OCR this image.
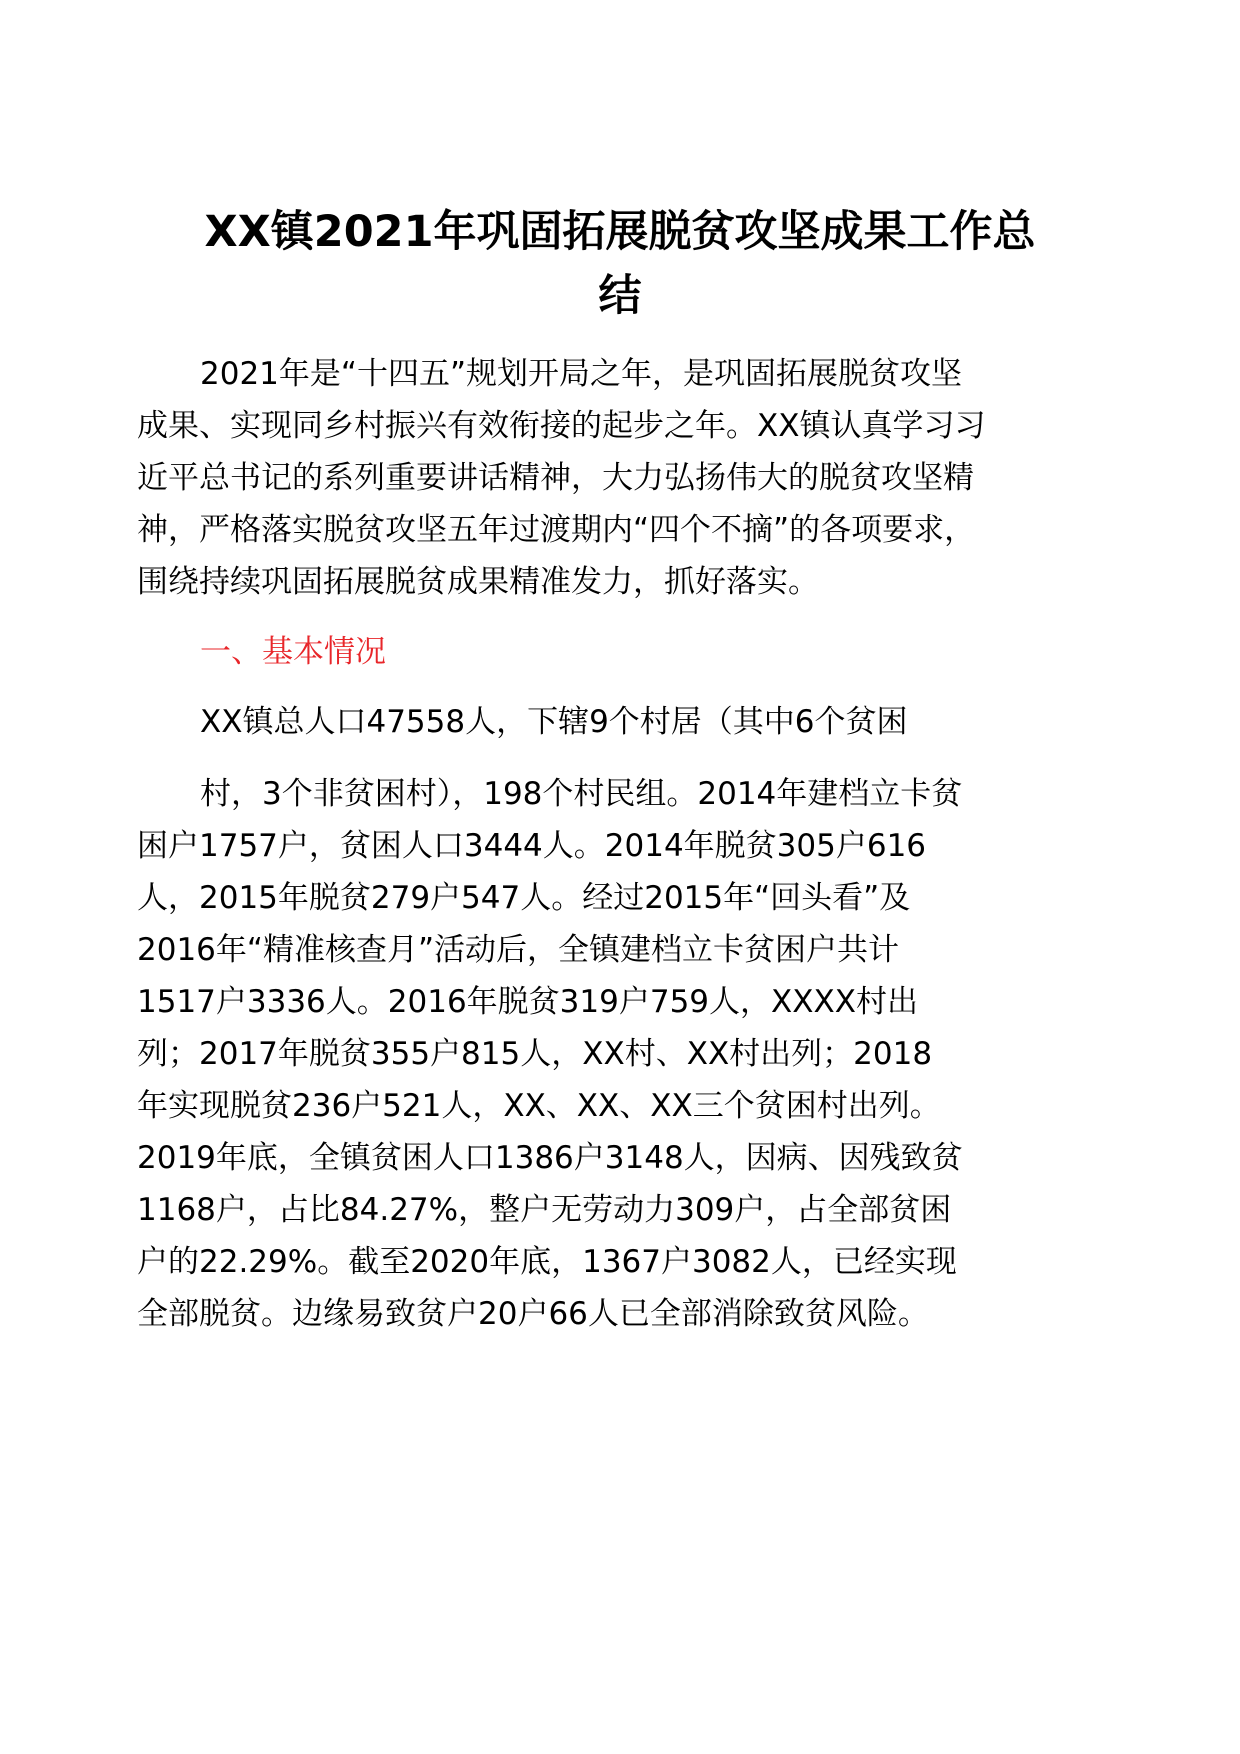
XX镇2021年巩固拓展脱贫攻坚成果工作总
结

2021年是“十四五”规划开局之年，是巩固拓展脱贫攻坚

成果、实现同乡村振兴有效衔接的起步之年。XX镇认真学习习

近平总书记的系列重要讲话精神，大力弘扬伟大的脱贫攻坚精

神，严格落实脱贫攻坚五年过渡期内“四个不摘”的各项要求，

围绕持续巩固拓展脱贫成果精准发力，抓好落实。

一、基本情况

XX镇总人口47558人，下辖9个村居（其中6个贫困

村，3个非贫困村），198个村民组。2014年建档立卡贫

困户1757户，贫困人口3444人。2014年脱贫305户616

人，2015年脱贫279户547人。经过2015年“回头看”及

2016年“精准核查月”活动后，全镇建档立卡贫困户共计

1517户3336人。2016年脱贫319户759人，XXXX村出

列；2017年脱贫355户815人，XX村、XX村出列；2018

年实现脱贫236户521人，XX、XX、XX三个贫困村出列。

2019年底，全镇贫困人口1386户3148人，因病、因残致贫

1168户，占比84.27%，整户无劳动力309户，占全部贫困

户的22.29%。截至2020年底，1367户3082人，已经实现

全部脱贫。边缘易致贫户20户66人已全部消除致贫风险。
